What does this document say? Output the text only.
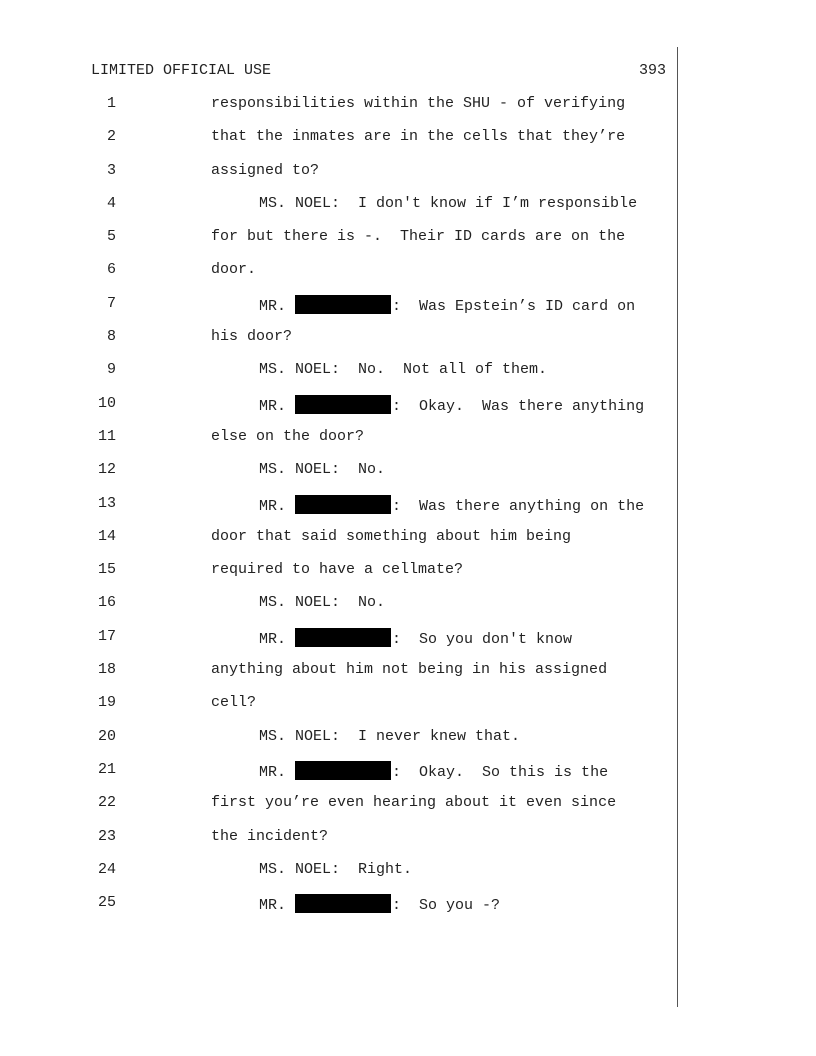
LIMITED OFFICIAL USE	393
1	responsibilities within the SHU - of verifying
2	that the inmates are in the cells that they’re
3	assigned to?
4	MS. NOEL:  I don't know if I’m responsible
5	for but there is -.  Their ID cards are on the
6	door.
7	MR.	:  Was Epstein’s ID card on
8	his door?
9	MS. NOEL:  No.  Not all of them.
10	MR.	:  Okay.  Was there anything
11	else on the door?
12	MS. NOEL:  No.
13	MR.	:  Was there anything on the
14	door that said something about him being
15	required to have a cellmate?
16	MS. NOEL:  No.
17	MR.	:  So you don't know
18	anything about him not being in his assigned
19	cell?
20	MS. NOEL:  I never knew that.
21	MR.	:  Okay.  So this is the
22	first you’re even hearing about it even since
23	the incident?
24	MS. NOEL:  Right.
25	MR.	:  So you -?
